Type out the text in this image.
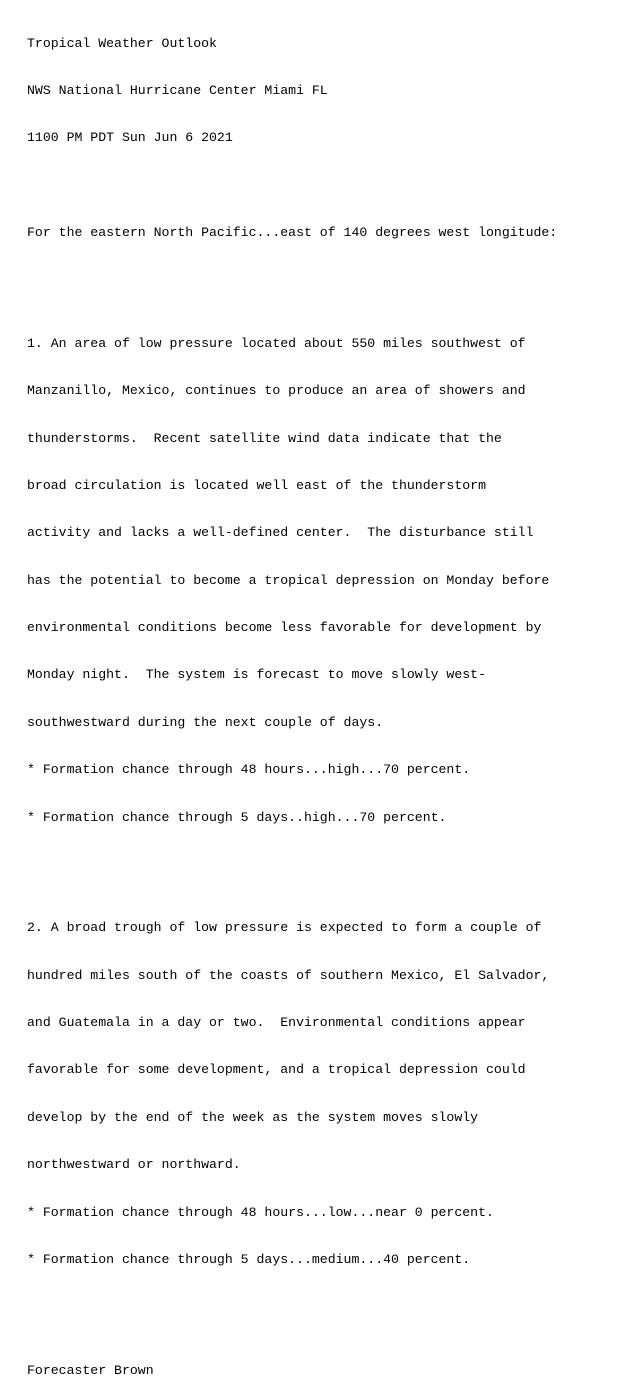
Tropical Weather Outlook

NWS National Hurricane Center Miami FL

1100 PM PDT Sun Jun 6 2021

For the eastern North Pacific...east of 140 degrees west longitude:

1. An area of low pressure located about 550 miles southwest of

Manzanillo, Mexico, continues to produce an area of showers and

thunderstorms.  Recent satellite wind data indicate that the

broad circulation is located well east of the thunderstorm

activity and lacks a well-defined center.  The disturbance still

has the potential to become a tropical depression on Monday before

environmental conditions become less favorable for development by

Monday night.  The system is forecast to move slowly west-

southwestward during the next couple of days.

* Formation chance through 48 hours...high...70 percent.

* Formation chance through 5 days..high...70 percent.

2. A broad trough of low pressure is expected to form a couple of

hundred miles south of the coasts of southern Mexico, El Salvador,

and Guatemala in a day or two.  Environmental conditions appear

favorable for some development, and a tropical depression could

develop by the end of the week as the system moves slowly

northwestward or northward.

* Formation chance through 48 hours...low...near 0 percent.

* Formation chance through 5 days...medium...40 percent.

Forecaster Brown
